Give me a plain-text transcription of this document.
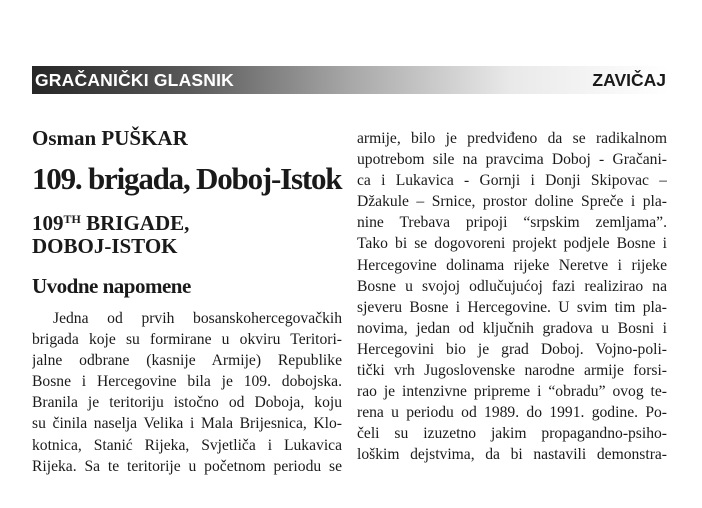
GRAČANIČKI GLASNIK	ZAVIČAJ

Osman PUŠKAR

109. brigada, Doboj-Istok
109TH BRIGADE,
DOBOJ-ISTOK
Uvodne napomene
Jedna od prvih bosanskohercegovačkih
brigada koje su formirane u okviru Teritori-
jalne odbrane (kasnije Armije) Republike
Bosne i Hercegovine bila je 109. dobojska.
Branila je teritoriju istočno od Doboja, koju
su činila naselja Velika i Mala Brijesnica, Klo-
kotnica, Stanić Rijeka, Svjetliča i Lukavica
Rijeka. Sa te teritorije u početnom periodu se
armije, bilo je predviđeno da se radikalnom
upotrebom sile na pravcima Doboj - Gračani-
ca i Lukavica - Gornji i Donji Skipovac –
Džakule – Srnice, prostor doline Spreče i pla-
nine Trebava pripoji “srpskim zemljama”.
Tako bi se dogovoreni projekt podjele Bosne i
Hercegovine dolinama rijeke Neretve i rijeke
Bosne u svojoj odlučujućoj fazi realizirao na
sjeveru Bosne i Hercegovine. U svim tim pla-
novima, jedan od ključnih gradova u Bosni i
Hercegovini bio je grad Doboj. Vojno-poli-
tički vrh Jugoslovenske narodne armije forsi-
rao je intenzivne pripreme i “obradu” ovog te-
rena u periodu od 1989. do 1991. godine. Po-
čeli su izuzetno jakim propagandno-psiho-
loškim dejstvima, da bi nastavili demonstra-
